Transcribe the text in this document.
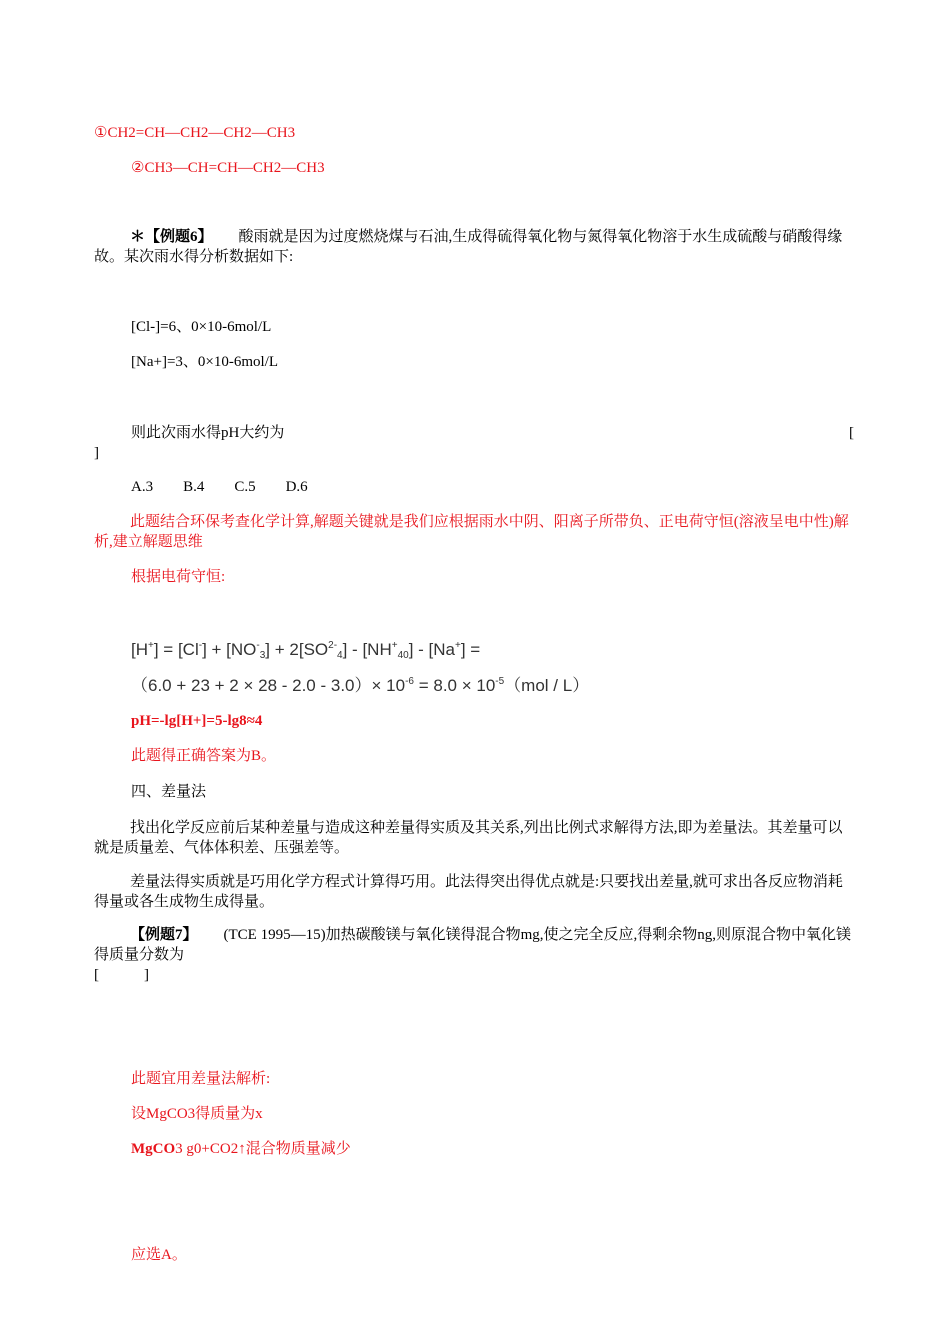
①CH2=CH—CH2—CH2—CH3
②CH3—CH=CH—CH2—CH3
＊【例题6】 酸雨就是因为过度燃烧煤与石油,生成得硫得氧化物与氮得氧化物溶于水生成硫酸与硝酸得缘故。某次雨水得分析数据如下:
[Cl-]=6、0×10-6mol/L
[Na+]=3、0×10-6mol/L
则此次雨水得pH大约为	[
]
A.3　　B.4　　C.5　　D.6
此题结合环保考查化学计算,解题关键就是我们应根据雨水中阴、阳离子所带负、正电荷守恒(溶液呈电中性)解析,建立解题思维
根据电荷守恒:
$[H^+] = [Cl^-] + [NO^-_3] + 2[SO^{2-}_4] - [NH^+_{40}] - [Na^+]$ =
$(6.0 + 23 + 2 \times 28 - 2.0 - 3.0)\times 10^{-6} = 8.0 \times 10^{-5}(mol / L)$
pH=-lg[H+]=5-lg8≈4
此题得正确答案为B。
四、差量法
找出化学反应前后某种差量与造成这种差量得实质及其关系,列出比例式求解得方法,即为差量法。其差量可以就是质量差、气体体积差、压强差等。
差量法得实质就是巧用化学方程式计算得巧用。此法得突出得优点就是:只要找出差量,就可求出各反应物消耗得量或各生成物生成得量。
【例题7】 (TCE 1995—15)加热碳酸镁与氧化镁得混合物mg,使之完全反应,得剩余物ng,则原混合物中氧化镁得质量分数为
[　　　]
此题宜用差量法解析:
设MgCO3得质量为x
MgCO3 g0+CO2↑混合物质量减少
应选A。
